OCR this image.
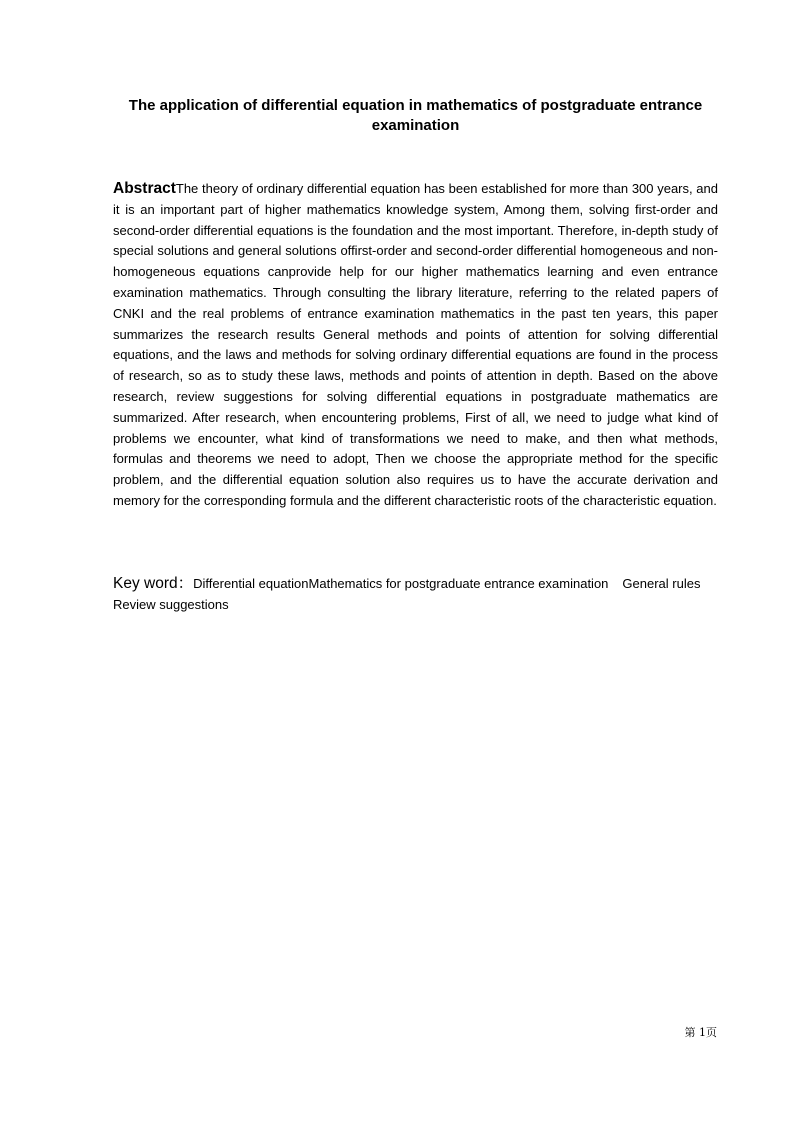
The application of differential equation in mathematics of postgraduate entrance examination

AbstractThe theory of ordinary differential equation has been established for more than 300 years, and it is an important part of higher mathematics knowledge system, Among them, solving first-order and second-order differential equations is the foundation and the most important. Therefore, in-depth study of special solutions and general solutions offirst-order and second-order differential homogeneous and non-homogeneous equations canprovide help for our higher mathematics learning and even entrance examination mathematics. Through consulting the library literature, referring to the related papers of CNKI and the real problems of entrance examination mathematics in the past ten years, this paper summarizes the research results General methods and points of attention for solving differential equations, and the laws and methods for solving ordinary differential equations are found in the process of research, so as to study these laws, methods and points of attention in depth. Based on the above research, review suggestions for solving differential equations in postgraduate mathematics are summarized. After research, when encountering problems, First of all, we need to judge what kind of problems we encounter, what kind of transformations we need to make, and then what methods, formulas and theorems we need to adopt, Then we choose the appropriate method for the specific problem, and the differential equation solution also requires us to have the accurate derivation and memory for the corresponding formula and the different characteristic roots of the characteristic equation.

Key word：Differential equationMathematics for postgraduate entrance examination General rulesReview suggestions

第 1页
